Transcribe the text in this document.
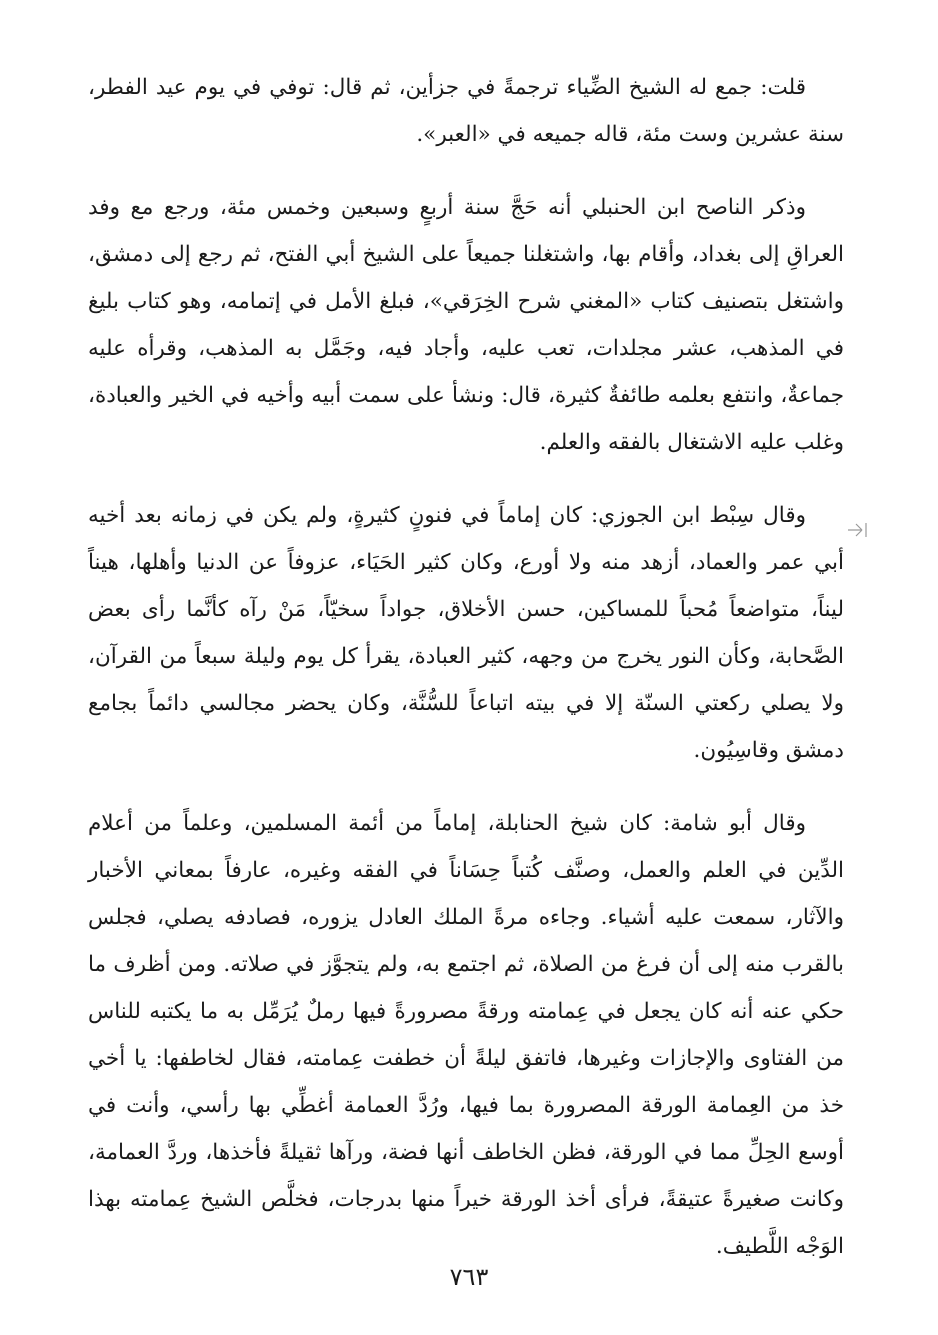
قلت: جمع له الشيخ الضِّياء ترجمةً في جزأين، ثم قال: توفي في يوم عيد الفطر، سنة عشرين وست مئة، قاله جميعه في «العبر».

وذكر الناصح ابن الحنبلي أنه حَجَّ سنة أربعٍ وسبعين وخمس مئة، ورجع مع وفد العراقِ إلى بغداد، وأقام بها، واشتغلنا جميعاً على الشيخ أبي الفتح، ثم رجع إلى دمشق، واشتغل بتصنيف كتاب «المغني شرح الخِرَقي»، فبلغ الأمل في إتمامه، وهو كتاب بليغ في المذهب، عشر مجلدات، تعب عليه، وأجاد فيه، وجَمَّل به المذهب، وقرأه عليه جماعةٌ، وانتفع بعلمه طائفةٌ كثيرة، قال: ونشأ على سمت أبيه وأخيه في الخير والعبادة، وغلب عليه الاشتغال بالفقه والعلم.

وقال سِبْط ابن الجوزي: كان إماماً في فنونٍ كثيرةٍ، ولم يكن في زمانه بعد أخيه أبي عمر والعماد، أزهد منه ولا أورع، وكان كثير الحَيَاء، عزوفاً عن الدنيا وأهلها، هيناً ليناً، متواضعاً مُحباً للمساكين، حسن الأخلاق، جواداً سخيّاً، مَنْ رآه كأنَّما رأى بعض الصَّحابة، وكأن النور يخرج من وجهه، كثير العبادة، يقرأ كل يوم وليلة سبعاً من القرآن، ولا يصلي ركعتي السنّة إلا في بيته اتباعاً للسُّنَّة، وكان يحضر مجالسي دائماً بجامع دمشق وقاسِيُون.

وقال أبو شامة: كان شيخ الحنابلة، إماماً من أئمة المسلمين، وعلماً من أعلام الدِّين في العلم والعمل، وصنَّف كُتباً حِسَاناً في الفقه وغيره، عارفاً بمعاني الأخبار والآثار، سمعت عليه أشياء. وجاءه مرةً الملك العادل يزوره، فصادفه يصلي، فجلس بالقرب منه إلى أن فرغ من الصلاة، ثم اجتمع به، ولم يتجوَّز في صلاته. ومن أظرف ما حكي عنه أنه كان يجعل في عِمامته ورقةً مصرورةً فيها رملٌ يُرَمِّل به ما يكتبه للناس من الفتاوى والإجازات وغيرها، فاتفق ليلةً أن خطفت عِمامته، فقال لخاطفها: يا أخي خذ من العِمامة الورقة المصرورة بما فيها، ورُدَّ العمامة أغطِّي بها رأسي، وأنت في أوسع الحِلِّ مما في الورقة، فظن الخاطف أنها فضة، ورآها ثقيلةً فأخذها، وردَّ العمامة، وكانت صغيرةً عتيقةً، فرأى أخذ الورقة خيراً منها بدرجات، فخلَّص الشيخ عِمامته بهذا الوَجْه اللَّطيف.

٧٦٣
